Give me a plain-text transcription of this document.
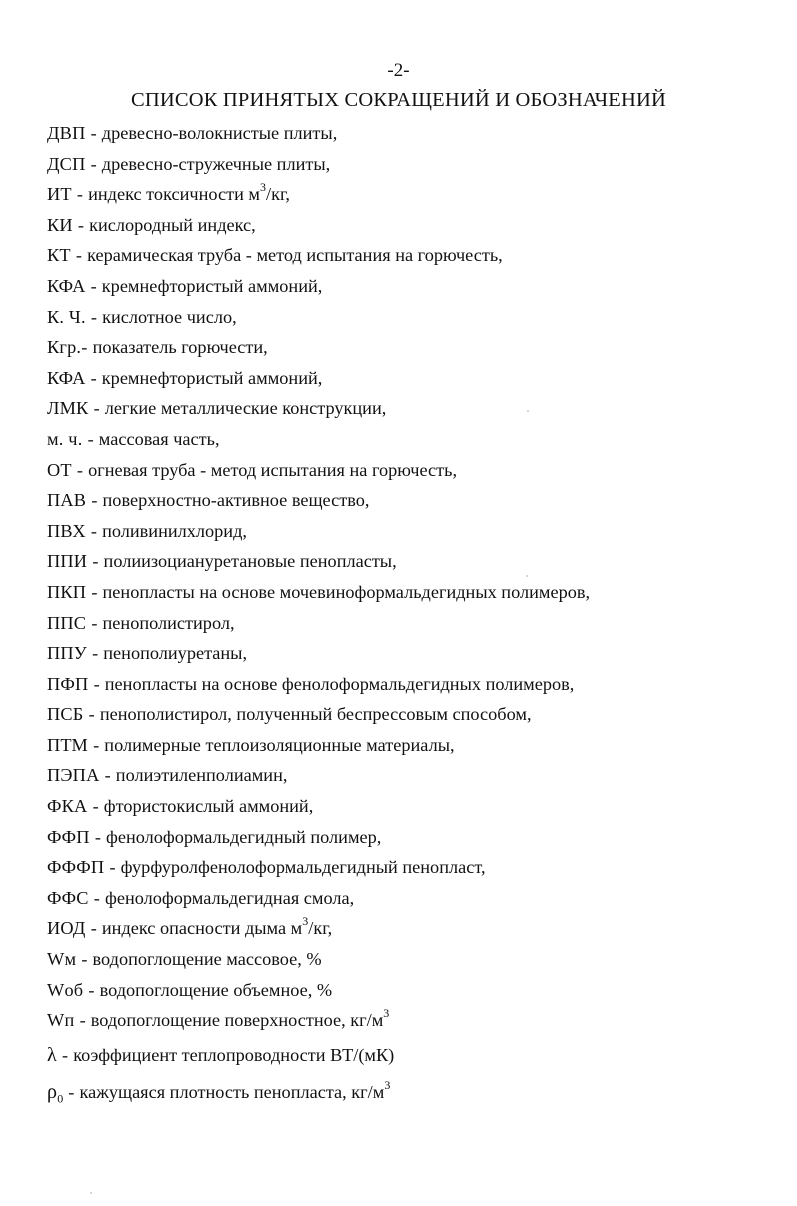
-2-
СПИСОК ПРИНЯТЫХ СОКРАЩЕНИЙ И ОБОЗНАЧЕНИЙ
ДВП - древесно-волокнистые плиты,
ДСП - древесно-стружечные плиты,
ИТ - индекс токсичности $м^3/кг$,
КИ - кислородный индекс,
КТ - керамическая труба - метод испытания на горючесть,
КФА - кремнефтористый аммоний,
К. Ч. - кислотное число,
Кгр.- показатель горючести,
КФА - кремнефтористый аммоний,
ЛМК - легкие металлические конструкции,
м. ч. - массовая часть,
ОТ - огневая труба - метод испытания на горючесть,
ПАВ - поверхностно-активное вещество,
ПВХ - поливинилхлорид,
ППИ - полиизоциануретановые пенопласты,
ПКП - пенопласты на основе мочевиноформальдегидных полимеров,
ППС - пенополистирол,
ППУ - пенополиуретаны,
ПФП - пенопласты на основе фенолоформальдегидных полимеров,
ПСБ - пенополистирол, полученный беспрессовым способом,
ПТМ - полимерные теплоизоляционные материалы,
ПЭПА - полиэтиленполиамин,
ФКА - фтористокислый аммоний,
ФФП - фенолоформальдегидный полимер,
ФФФП - фурфуролфенолоформальдегидный пенопласт,
ФФС - фенолоформальдегидная смола,
ИОД - индекс опасности дыма $м^3/кг$,
Wм - водопоглощение массовое, %
Wоб - водопоглощение объемное, %
Wп - водопоглощение поверхностное, $кг/м^3$
λ - коэффициент теплопроводности ВТ/(мК)
$\rho_0$ - кажущаяся плотность пенопласта, $кг/м^3$
